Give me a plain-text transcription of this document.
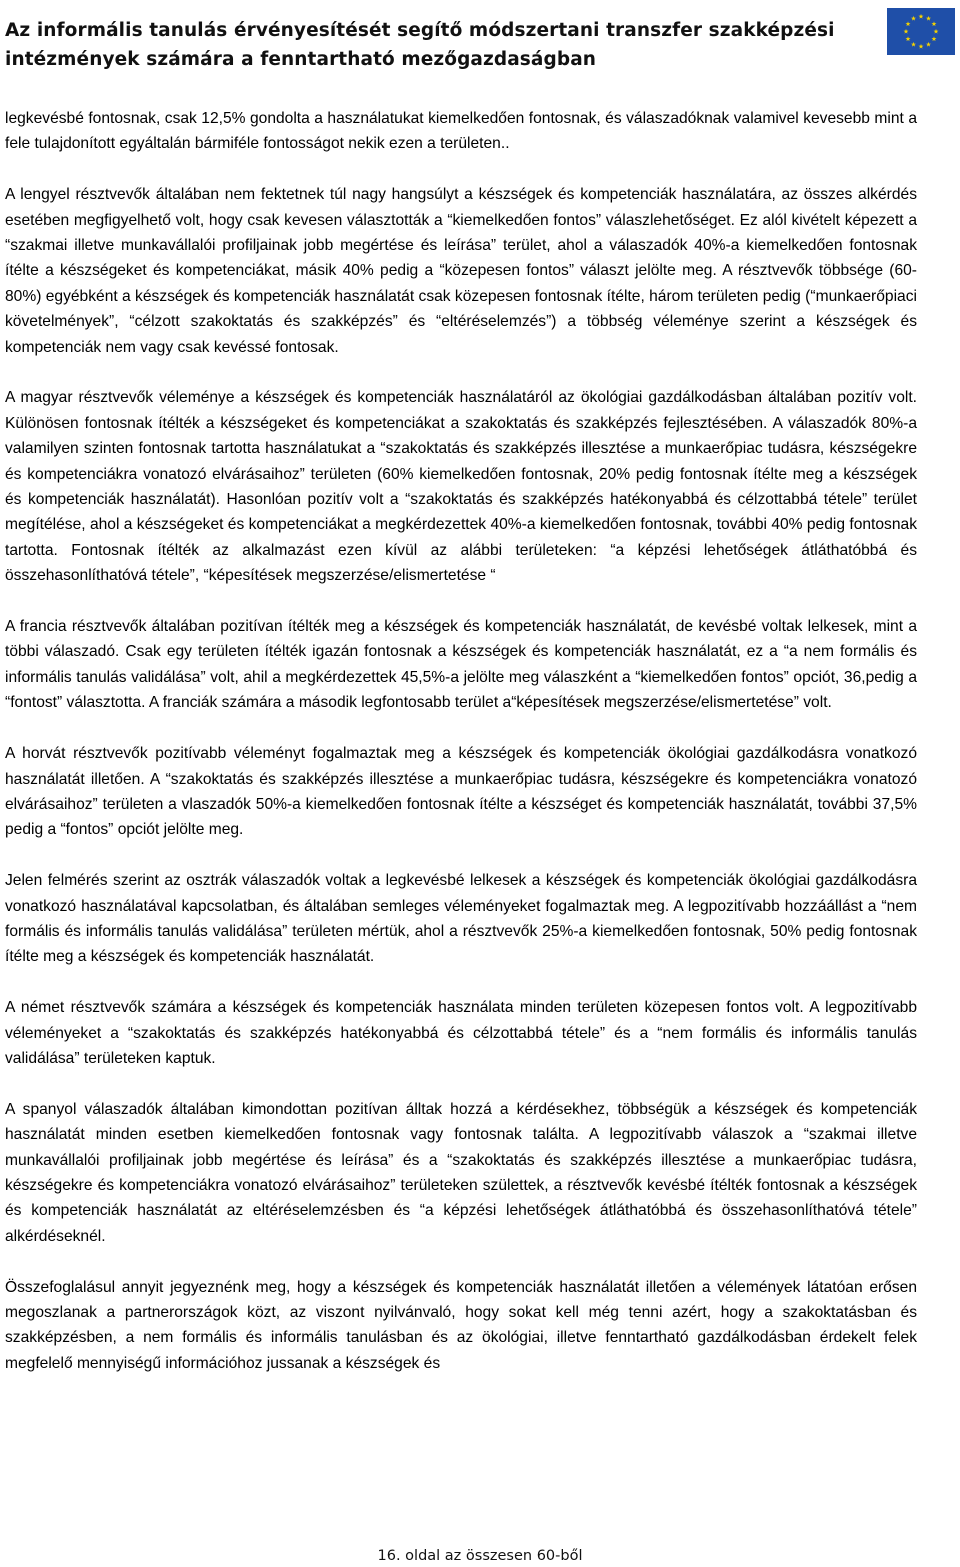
Az informális tanulás érvényesítését segítő módszertani transzfer szakképzési
intézmények számára a fenntartható mezőgazdaságban

legkevésbé fontosnak, csak 12,5% gondolta a használatukat kiemelkedően fontosnak, és válaszadóknak valamivel kevesebb mint a fele tulajdonított egyáltalán bármiféle fontosságot nekik ezen a területen..

A lengyel résztvevők általában nem fektetnek túl nagy hangsúlyt a készségek és kompetenciák használatára, az összes alkérdés esetében megfigyelhető volt, hogy csak kevesen választották a “kiemelkedően fontos” válaszlehetőséget. Ez alól kivételt képezett a “szakmai illetve munkavállalói profiljainak jobb megértése és leírása” terület, ahol a válaszadók 40%-a kiemelkedően fontosnak ítélte a készségeket és kompetenciákat, másik 40% pedig a “közepesen fontos” választ jelölte meg. A résztvevők többsége (60-80%) egyébként a készségek és kompetenciák használatát csak közepesen fontosnak ítélte, három területen pedig (“munkaerőpiaci követelmények”, “célzott szakoktatás és szakképzés” és “eltéréselemzés”) a többség véleménye szerint a készségek és kompetenciák nem vagy csak kevéssé fontosak.

A magyar résztvevők véleménye a készségek és kompetenciák használatáról az ökológiai gazdálkodásban általában pozitív volt. Különösen fontosnak ítélték a készségeket és kompetenciákat a szakoktatás és szakképzés fejlesztésében. A válaszadók 80%-a valamilyen szinten fontosnak tartotta használatukat a “szakoktatás és szakképzés illesztése a munkaerőpiac tudásra, készségekre és kompetenciákra vonatozó elvárásaihoz” területen (60% kiemelkedően fontosnak, 20% pedig fontosnak ítélte meg a készségek és kompetenciák használatát). Hasonlóan pozitív volt a “szakoktatás és szakképzés hatékonyabbá és célzottabbá tétele” terület megítélése, ahol a készségeket és kompetenciákat a megkérdezettek 40%-a kiemelkedően fontosnak, további 40% pedig fontosnak tartotta. Fontosnak ítélték az alkalmazást ezen kívül az alábbi területeken: “a képzési lehetőségek átláthatóbbá és összehasonlíthatóvá tétele”, “képesítések megszerzése/elismertetése “

A francia résztvevők általában pozitívan ítélték meg a készségek és kompetenciák használatát, de kevésbé voltak lelkesek, mint a többi válaszadó. Csak egy területen ítélték igazán fontosnak a készségek és kompetenciák használatát, ez a “a nem formális és informális tanulás validálása” volt, ahil a megkérdezettek 45,5%-a jelölte meg válaszként a “kiemelkedően fontos” opciót, 36,pedig a “fontost” választotta. A franciák számára a második legfontosabb terület a“képesítések megszerzése/elismertetése” volt.

A horvát résztvevők pozitívabb véleményt fogalmaztak meg a készségek és kompetenciák ökológiai gazdálkodásra vonatkozó használatát illetően. A “szakoktatás és szakképzés illesztése a munkaerőpiac tudásra, készségekre és kompetenciákra vonatozó elvárásaihoz” területen a vlaszadók 50%-a kiemelkedően fontosnak ítélte a készséget és kompetenciák használatát, további 37,5% pedig a “fontos” opciót jelölte meg.

Jelen felmérés szerint az osztrák válaszadók voltak a legkevésbé lelkesek a készségek és kompetenciák ökológiai gazdálkodásra vonatkozó használatával kapcsolatban, és általában semleges véleményeket fogalmaztak meg. A legpozitívabb hozzáállást a “nem formális és informális tanulás validálása” területen mértük, ahol a résztvevők 25%-a kiemelkedően fontosnak, 50% pedig fontosnak ítélte meg a készségek és kompetenciák használatát.

A német résztvevők számára a készségek és kompetenciák használata minden területen közepesen fontos volt. A legpozitívabb véleményeket a “szakoktatás és szakképzés hatékonyabbá és célzottabbá tétele” és a “nem formális és informális tanulás validálása” területeken kaptuk.

A spanyol válaszadók általában kimondottan pozitívan álltak hozzá a kérdésekhez, többségük a készségek és kompetenciák használatát minden esetben kiemelkedően fontosnak vagy fontosnak találta. A legpozitívabb válaszok a “szakmai illetve munkavállalói profiljainak jobb megértése és leírása” és a “szakoktatás és szakképzés illesztése a munkaerőpiac tudásra, készségekre és kompetenciákra vonatozó elvárásaihoz” területeken születtek, a résztvevők kevésbé ítélték fontosnak a készségek és kompetenciák használatát az eltéréselemzésben és “a képzési lehetőségek átláthatóbbá és összehasonlíthatóvá tétele” alkérdéseknél.

Összefoglalásul annyit jegyeznénk meg, hogy a készségek és kompetenciák használatát illetően a vélemények látatóan erősen megoszlanak a partnerországok közt, az viszont nyilvánvaló, hogy sokat kell még tenni azért, hogy a szakoktatásban és szakképzésben, a nem formális és informális tanulásban és az ökológiai, illetve fenntartható gazdálkodásban érdekelt felek megfelelő mennyiségű információhoz jussanak a készségek és

16. oldal az összesen 60-ből
